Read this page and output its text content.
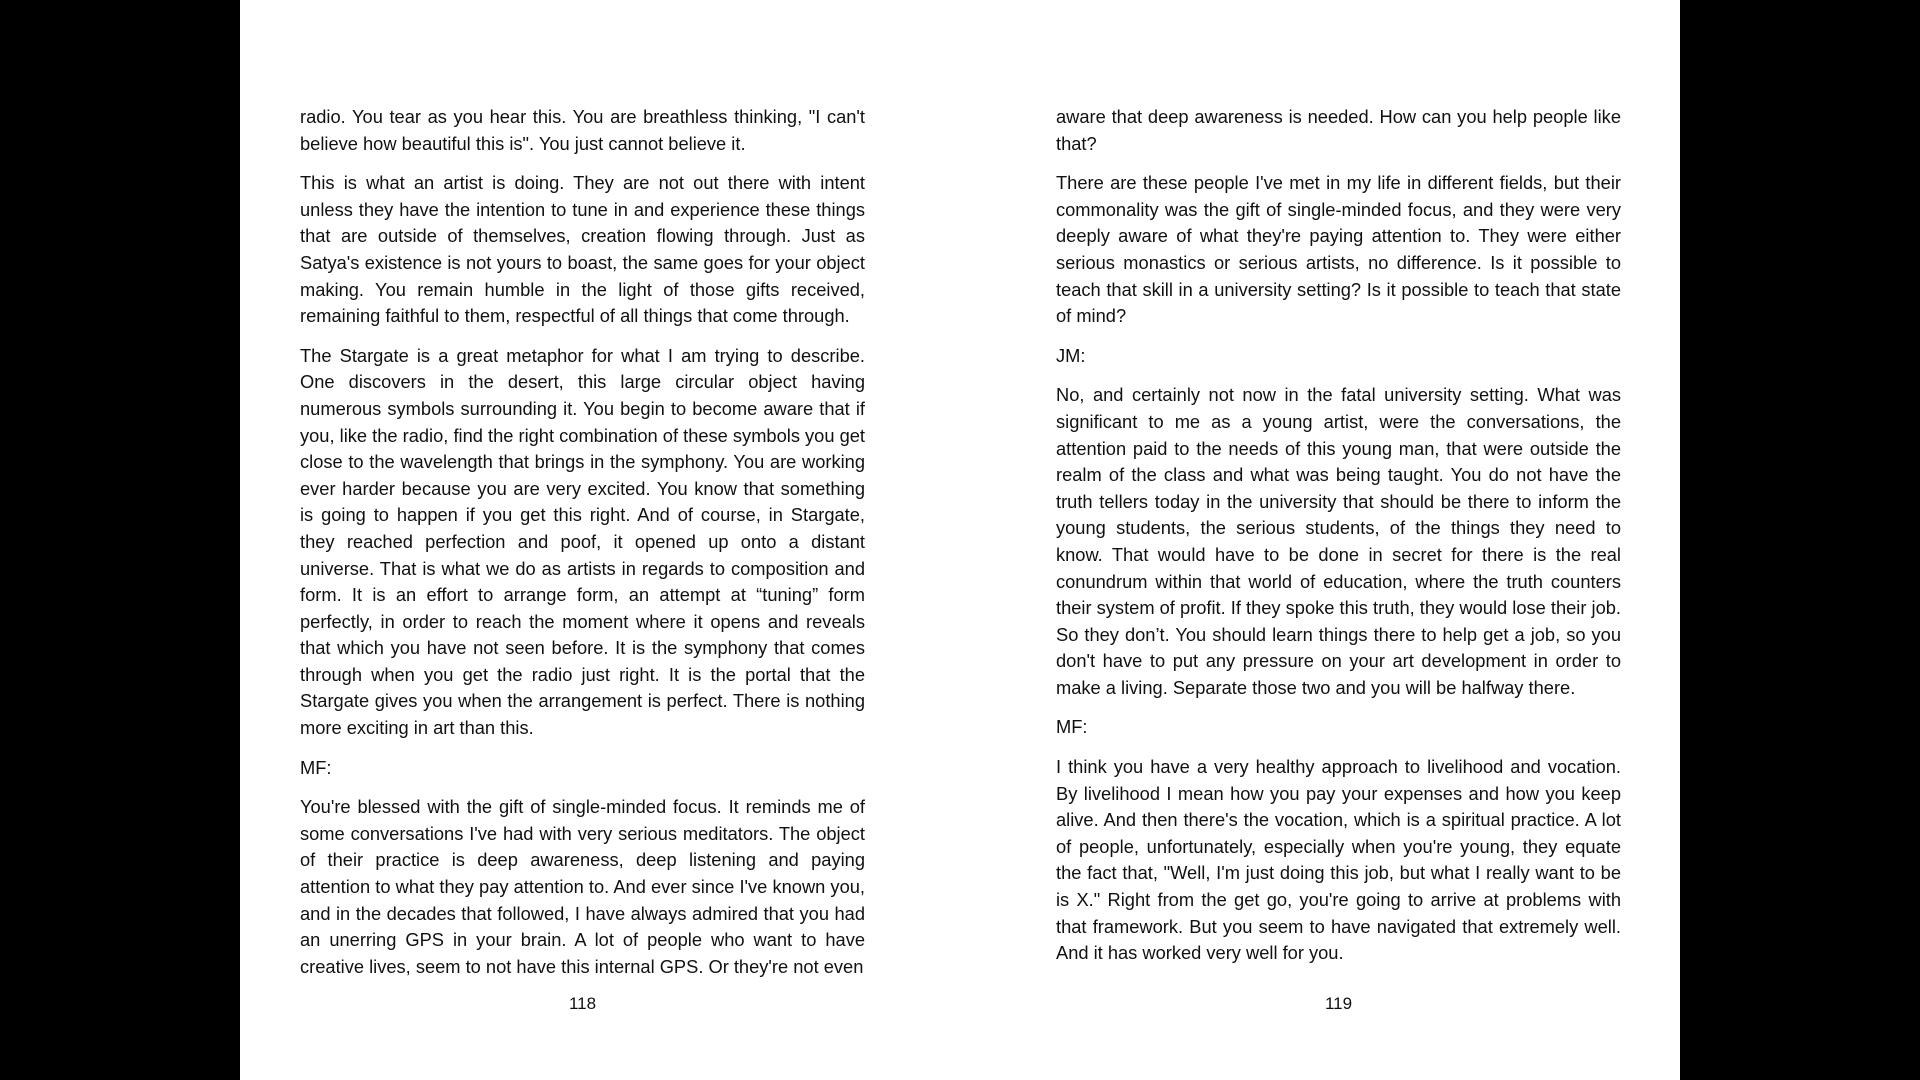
radio. You tear as you hear this. You are breathless thinking, "I can't believe how beautiful this is". You just cannot believe it.

This is what an artist is doing. They are not out there with intent unless they have the intention to tune in and experience these things that are outside of themselves, creation flowing through. Just as Satya's existence is not yours to boast, the same goes for your object making. You remain humble in the light of those gifts received, remaining faithful to them, respectful of all things that come through.

The Stargate is a great metaphor for what I am trying to describe. One discovers in the desert, this large circular object having numerous symbols surrounding it. You begin to become aware that if you, like the radio, find the right combination of these symbols you get close to the wavelength that brings in the symphony. You are working ever harder because you are very excited. You know that something is going to happen if you get this right. And of course, in Stargate, they reached perfection and poof, it opened up onto a distant universe. That is what we do as artists in regards to composition and form. It is an effort to arrange form, an attempt at “tuning” form perfectly, in order to reach the moment where it opens and reveals that which you have not seen before. It is the symphony that comes through when you get the radio just right. It is the portal that the Stargate gives you when the arrangement is perfect. There is nothing more exciting in art than this.

MF:

You're blessed with the gift of single-minded focus. It reminds me of some conversations I've had with very serious meditators. The object of their practice is deep awareness, deep listening and paying attention to what they pay attention to. And ever since I've known you, and in the decades that followed, I have always admired that you had an unerring GPS in your brain. A lot of people who want to have creative lives, seem to not have this internal GPS. Or they're not even

118

aware that deep awareness is needed. How can you help people like that?

There are these people I've met in my life in different fields, but their commonality was the gift of single-minded focus, and they were very deeply aware of what they're paying attention to. They were either serious monastics or serious artists, no difference. Is it possible to teach that skill in a university setting? Is it possible to teach that state of mind?

JM:

No, and certainly not now in the fatal university setting. What was significant to me as a young artist, were the conversations, the attention paid to the needs of this young man, that were outside the realm of the class and what was being taught. You do not have the truth tellers today in the university that should be there to inform the young students, the serious students, of the things they need to know. That would have to be done in secret for there is the real conundrum within that world of education, where the truth counters their system of profit. If they spoke this truth, they would lose their job. So they don’t. You should learn things there to help get a job, so you don't have to put any pressure on your art development in order to make a living. Separate those two and you will be halfway there.

MF:

I think you have a very healthy approach to livelihood and vocation. By livelihood I mean how you pay your expenses and how you keep alive. And then there's the vocation, which is a spiritual practice. A lot of people, unfortunately, especially when you're young, they equate the fact that, "Well, I'm just doing this job, but what I really want to be is X." Right from the get go, you're going to arrive at problems with that framework. But you seem to have navigated that extremely well. And it has worked very well for you.

119
